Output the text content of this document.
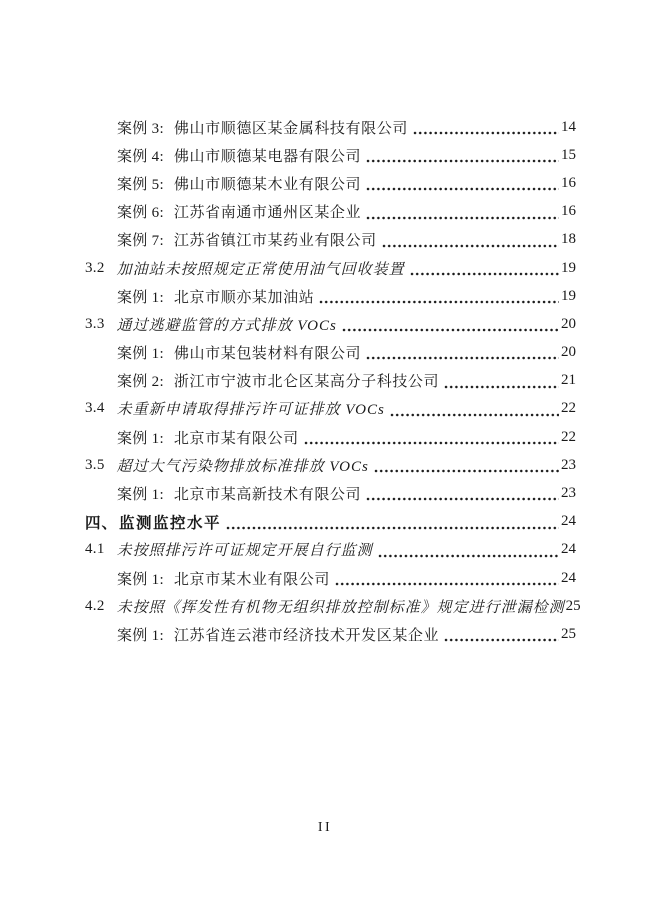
案例 3: 佛山市顺德区某金属科技有限公司	14
案例 4: 佛山市顺德某电器有限公司	15
案例 5: 佛山市顺德某木业有限公司	16
案例 6: 江苏省南通市通州区某企业	16
案例 7: 江苏省镇江市某药业有限公司	18
3.2 加油站未按照规定正常使用油气回收装置	19
案例 1: 北京市顺亦某加油站	19
3.3 通过逃避监管的方式排放 VOCs	20
案例 1: 佛山市某包装材料有限公司	20
案例 2: 浙江市宁波市北仑区某高分子科技公司	21
3.4 未重新申请取得排污许可证排放 VOCs	22
案例 1: 北京市某有限公司	22
3.5 超过大气污染物排放标准排放 VOCs	23
案例 1: 北京市某高新技术有限公司	23
四、 监测监控水平	24
4.1 未按照排污许可证规定开展自行监测	24
案例 1: 北京市某木业有限公司	24
4.2 未按照《挥发性有机物无组织排放控制标准》规定进行泄漏检测 25
案例 1: 江苏省连云港市经济技术开发区某企业	25
II
